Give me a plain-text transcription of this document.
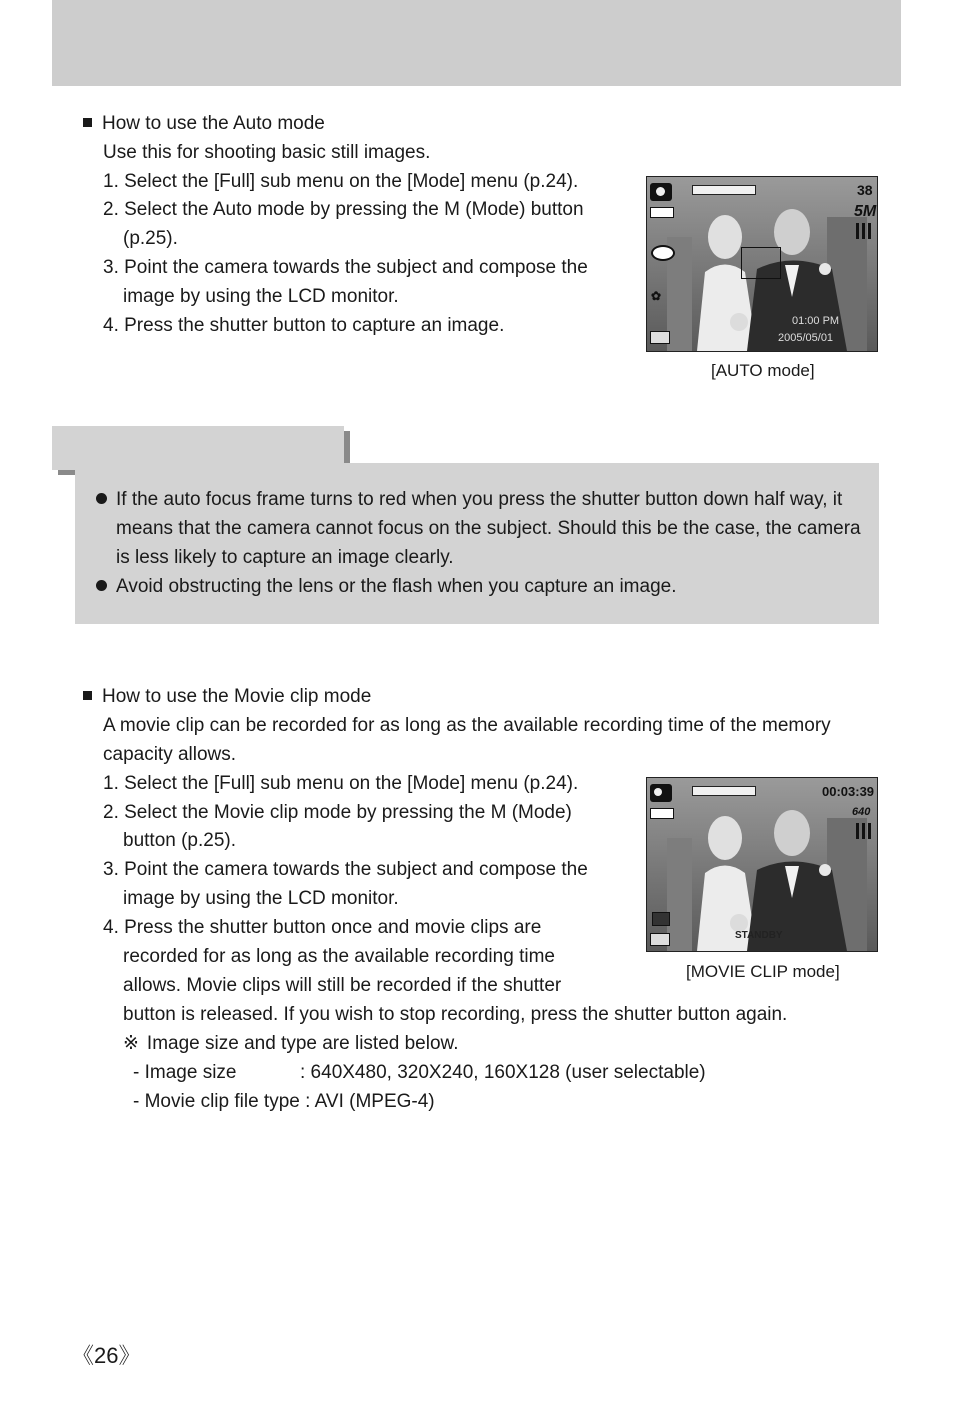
How to use the Auto mode
Use this for shooting basic still images.
1. Select the [Full] sub menu on the [Mode] menu (p.24).
2. Select the Auto mode by pressing the M (Mode) button
(p.25).
3. Point the camera towards the subject and compose the
image by using the LCD monitor.
4. Press the shutter button to capture an image.
38
5M
✿
01:00 PM
2005/05/01
[AUTO mode]
If the auto focus frame turns to red when you press the shutter button down half way, it
means that the camera cannot focus on the subject. Should this be the case, the camera
is less likely to capture an image clearly.
Avoid obstructing the lens or the flash when you capture an image.
How to use the Movie clip mode
A movie clip can be recorded for as long as the available recording time of the memory
capacity allows.
1. Select the [Full] sub menu on the [Mode] menu (p.24).
2. Select the Movie clip mode by pressing the M (Mode)
button (p.25).
3. Point the camera towards the subject and compose the
image by using the LCD monitor.
4. Press the shutter button once and movie clips are
recorded for as long as the available recording time
allows. Movie clips will still be recorded if the shutter
button is released. If you wish to stop recording, press the shutter button again.
※ Image size and type are listed below.
- Image size	: 640X480, 320X240, 160X128 (user selectable)
- Movie clip file type : AVI (MPEG-4)
00:03:39
640
STANDBY
[MOVIE CLIP mode]
《26》
